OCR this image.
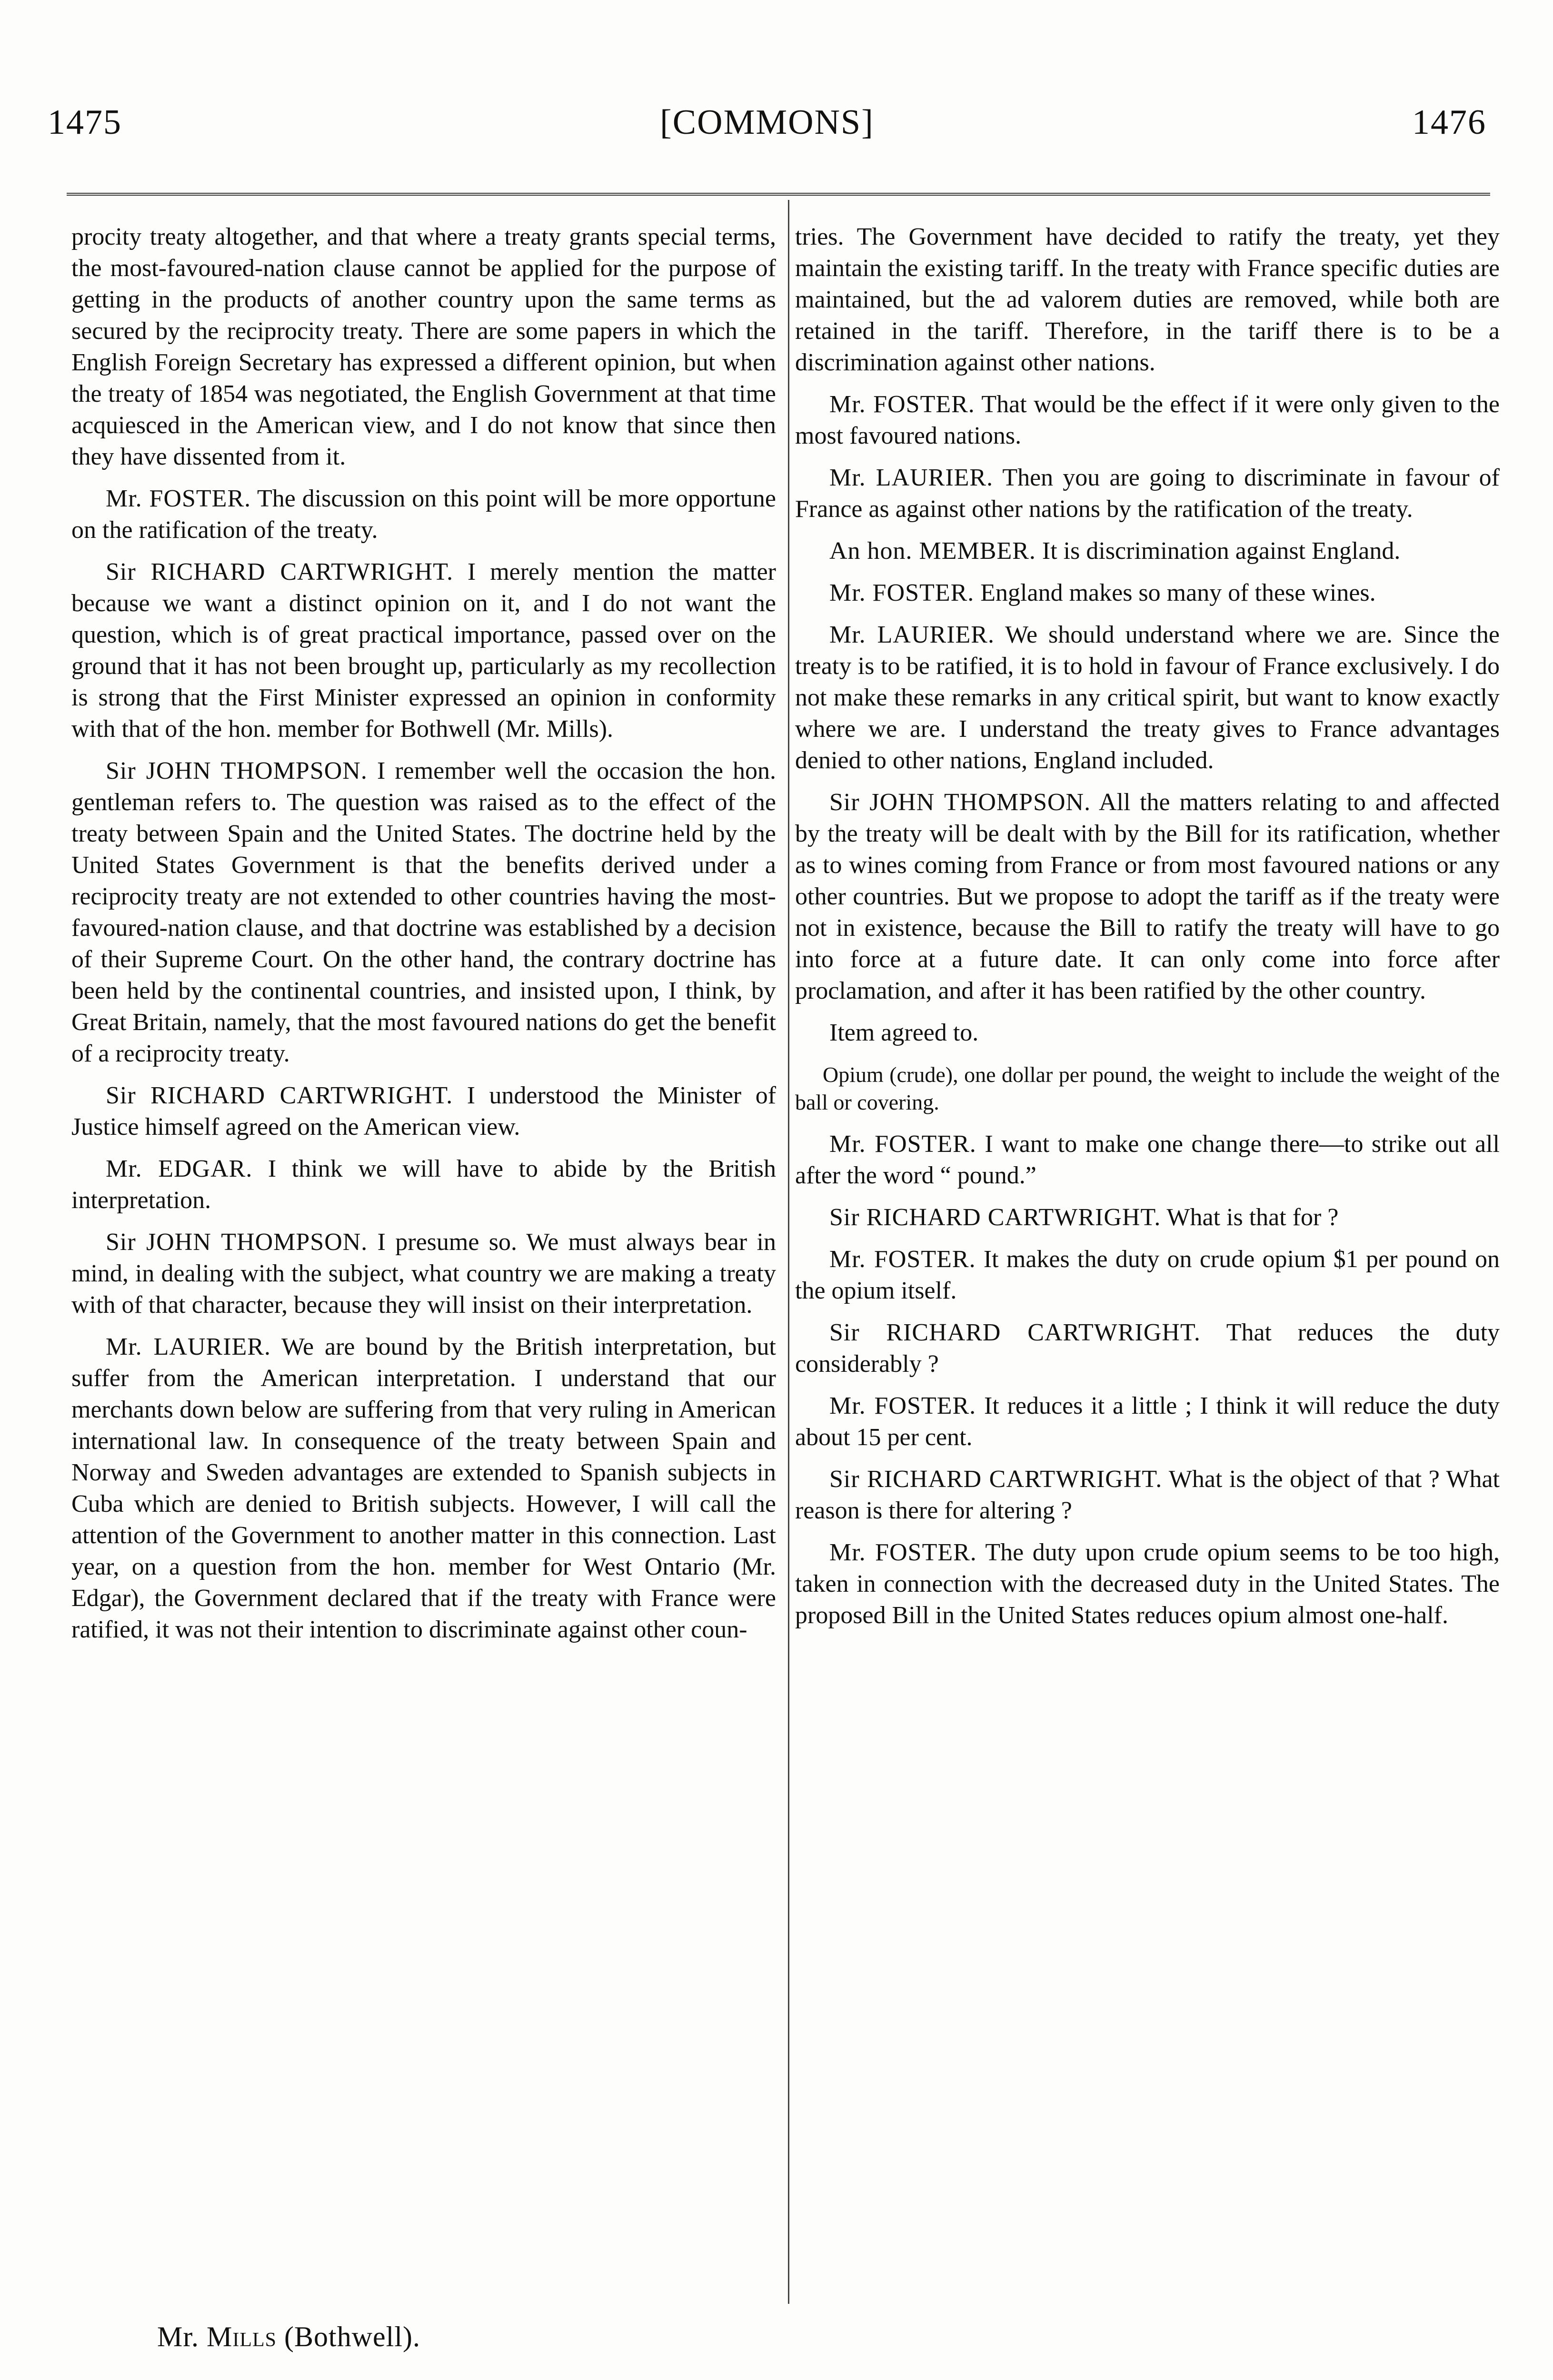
1475	[COMMONS]	1476

procity treaty altogether, and that where a treaty grants special terms, the most-favoured-nation clause cannot be applied for the purpose of getting in the products of another country upon the same terms as secured by the reciprocity treaty. There are some papers in which the English Foreign Secretary has expressed a different opinion, but when the treaty of 1854 was negotiated, the English Government at that time acquiesced in the American view, and I do not know that since then they have dissented from it.

Mr. FOSTER. The discussion on this point will be more opportune on the ratification of the treaty.

Sir RICHARD CARTWRIGHT. I merely mention the matter because we want a distinct opinion on it, and I do not want the question, which is of great practical importance, passed over on the ground that it has not been brought up, particularly as my recollection is strong that the First Minister expressed an opinion in conformity with that of the hon. member for Bothwell (Mr. Mills).

Sir JOHN THOMPSON. I remember well the occasion the hon. gentleman refers to. The question was raised as to the effect of the treaty between Spain and the United States. The doctrine held by the United States Government is that the benefits derived under a reciprocity treaty are not extended to other countries having the most-favoured-nation clause, and that doctrine was established by a decision of their Supreme Court. On the other hand, the contrary doctrine has been held by the continental countries, and insisted upon, I think, by Great Britain, namely, that the most favoured nations do get the benefit of a reciprocity treaty.

Sir RICHARD CARTWRIGHT. I understood the Minister of Justice himself agreed on the American view.

Mr. EDGAR. I think we will have to abide by the British interpretation.

Sir JOHN THOMPSON. I presume so. We must always bear in mind, in dealing with the subject, what country we are making a treaty with of that character, because they will insist on their interpretation.

Mr. LAURIER. We are bound by the British interpretation, but suffer from the American interpretation. I understand that our merchants down below are suffering from that very ruling in American international law. In consequence of the treaty between Spain and Norway and Sweden advantages are extended to Spanish subjects in Cuba which are denied to British subjects. However, I will call the attention of the Government to another matter in this connection. Last year, on a question from the hon. member for West Ontario (Mr. Edgar), the Government declared that if the treaty with France were ratified, it was not their intention to discriminate against other coun-

tries. The Government have decided to ratify the treaty, yet they maintain the existing tariff. In the treaty with France specific duties are maintained, but the ad valorem duties are removed, while both are retained in the tariff. Therefore, in the tariff there is to be a discrimination against other nations.

Mr. FOSTER. That would be the effect if it were only given to the most favoured nations.

Mr. LAURIER. Then you are going to discriminate in favour of France as against other nations by the ratification of the treaty.

An hon. MEMBER. It is discrimination against England.

Mr. FOSTER. England makes so many of these wines.

Mr. LAURIER. We should understand where we are. Since the treaty is to be ratified, it is to hold in favour of France exclusively. I do not make these remarks in any critical spirit, but want to know exactly where we are. I understand the treaty gives to France advantages denied to other nations, England included.

Sir JOHN THOMPSON. All the matters relating to and affected by the treaty will be dealt with by the Bill for its ratification, whether as to wines coming from France or from most favoured nations or any other countries. But we propose to adopt the tariff as if the treaty were not in existence, because the Bill to ratify the treaty will have to go into force at a future date. It can only come into force after proclamation, and after it has been ratified by the other country.

Item agreed to.

Opium (crude), one dollar per pound, the weight to include the weight of the ball or covering.

Mr. FOSTER. I want to make one change there—to strike out all after the word “ pound.”

Sir RICHARD CARTWRIGHT. What is that for ?

Mr. FOSTER. It makes the duty on crude opium $1 per pound on the opium itself.

Sir RICHARD CARTWRIGHT. That reduces the duty considerably ?

Mr. FOSTER. It reduces it a little ; I think it will reduce the duty about 15 per cent.

Sir RICHARD CARTWRIGHT. What is the object of that ? What reason is there for altering ?

Mr. FOSTER. The duty upon crude opium seems to be too high, taken in connection with the decreased duty in the United States. The proposed Bill in the United States reduces opium almost one-half.

Mr. Mills (Bothwell).
